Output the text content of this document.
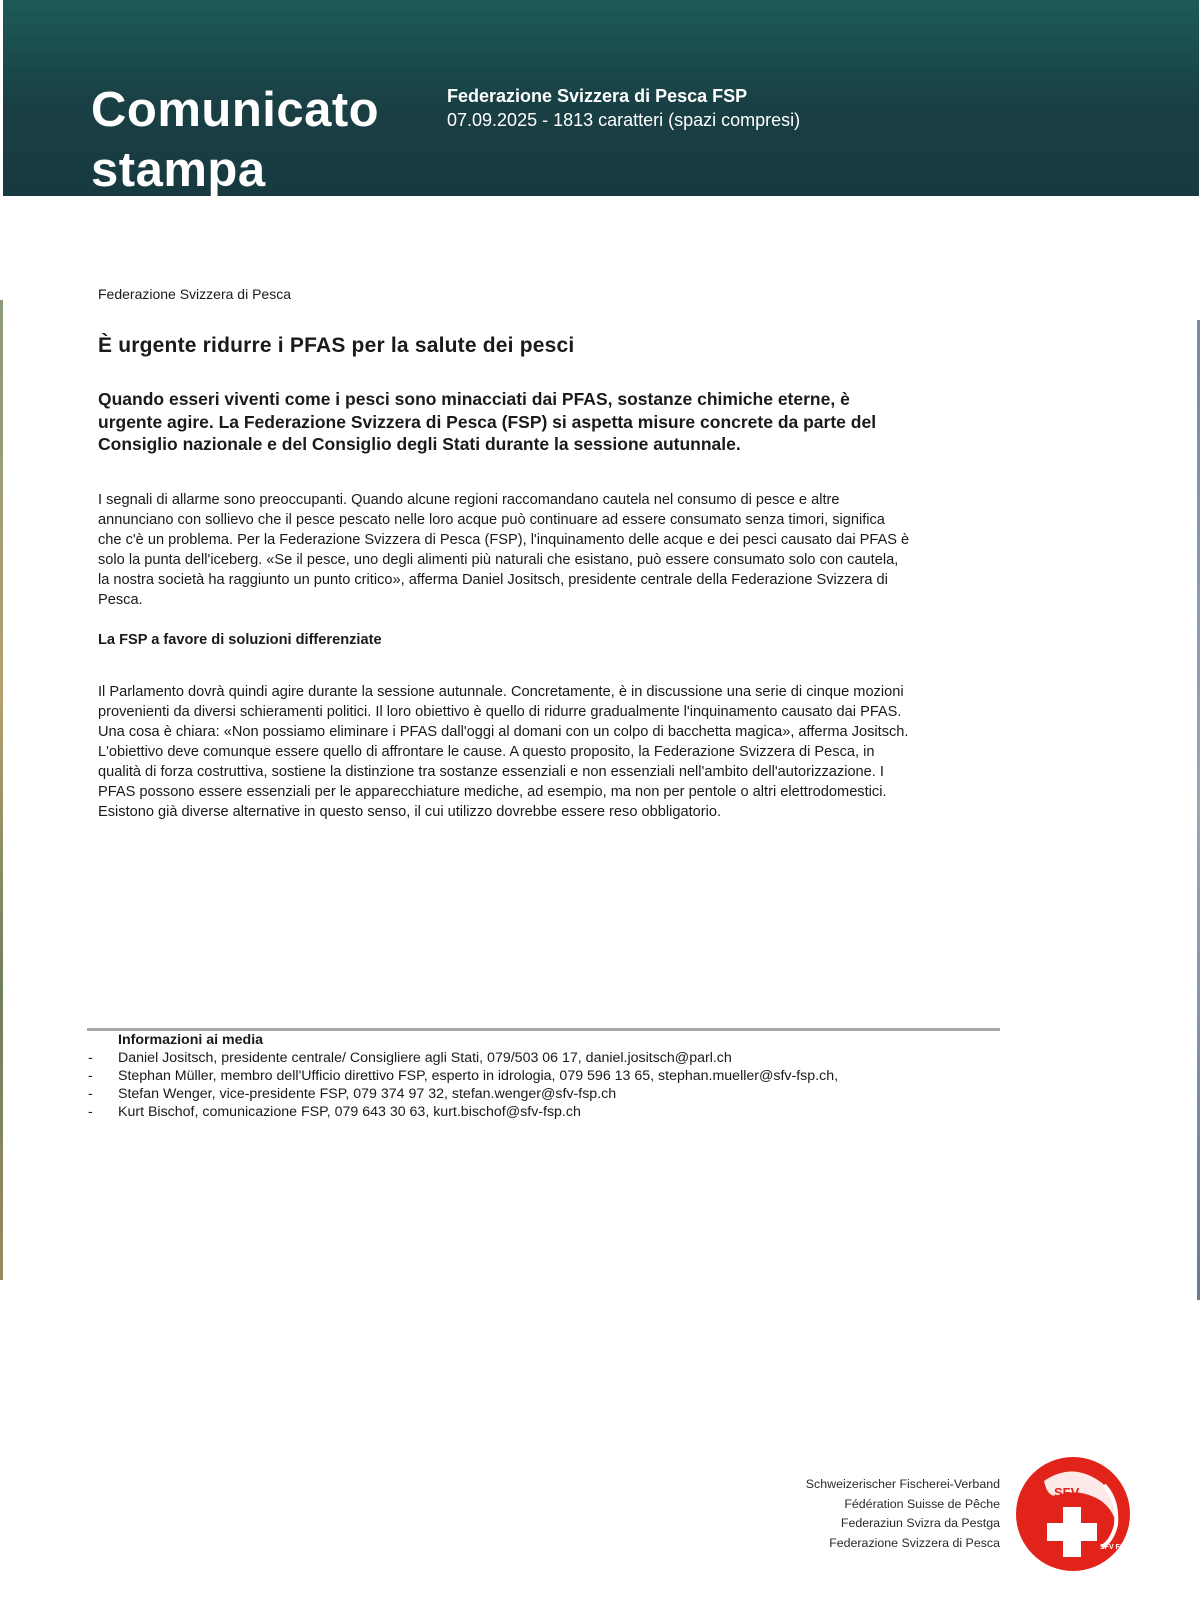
Comunicato stampa
Federazione Svizzera di Pesca FSP
07.09.2025 - 1813 caratteri (spazi compresi)

Federazione Svizzera di Pesca

È urgente ridurre i PFAS per la salute dei pesci

Quando esseri viventi come i pesci sono minacciati dai PFAS, sostanze chimiche eterne, è urgente agire. La Federazione Svizzera di Pesca (FSP) si aspetta misure concrete da parte del Consiglio nazionale e del Consiglio degli Stati durante la sessione autunnale.

I segnali di allarme sono preoccupanti. Quando alcune regioni raccomandano cautela nel consumo di pesce e altre annunciano con sollievo che il pesce pescato nelle loro acque può continuare ad essere consumato senza timori, significa che c'è un problema. Per la Federazione Svizzera di Pesca (FSP), l'inquinamento delle acque e dei pesci causato dai PFAS è solo la punta dell'iceberg. «Se il pesce, uno degli alimenti più naturali che esistano, può essere consumato solo con cautela, la nostra società ha raggiunto un punto critico», afferma Daniel Jositsch, presidente centrale della Federazione Svizzera di Pesca.

La FSP a favore di soluzioni differenziate

Il Parlamento dovrà quindi agire durante la sessione autunnale. Concretamente, è in discussione una serie di cinque mozioni provenienti da diversi schieramenti politici. Il loro obiettivo è quello di ridurre gradualmente l'inquinamento causato dai PFAS. Una cosa è chiara: «Non possiamo eliminare i PFAS dall'oggi al domani con un colpo di bacchetta magica», afferma Jositsch. L'obiettivo deve comunque essere quello di affrontare le cause. A questo proposito, la Federazione Svizzera di Pesca, in qualità di forza costruttiva, sostiene la distinzione tra sostanze essenziali e non essenziali nell'ambito dell'autorizzazione. I PFAS possono essere essenziali per le apparecchiature mediche, ad esempio, ma non per pentole o altri elettrodomestici. Esistono già diverse alternative in questo senso, il cui utilizzo dovrebbe essere reso obbligatorio.

Informazioni ai media
- Daniel Jositsch, presidente centrale/ Consigliere agli Stati, 079/503 06 17, daniel.jositsch@parl.ch
- Stephan Müller, membro dell'Ufficio direttivo FSP, esperto in idrologia, 079 596 13 65, stephan.mueller@sfv-fsp.ch,
- Stefan Wenger, vice-presidente FSP, 079 374 97 32, stefan.wenger@sfv-fsp.ch
- Kurt Bischof, comunicazione FSP, 079 643 30 63, kurt.bischof@sfv-fsp.ch
Schweizerischer Fischerei-Verband
Fédération Suisse de Pêche
Federaziun Svizra da Pestga
Federazione Svizzera di Pesca
SFV
SFV FSP
